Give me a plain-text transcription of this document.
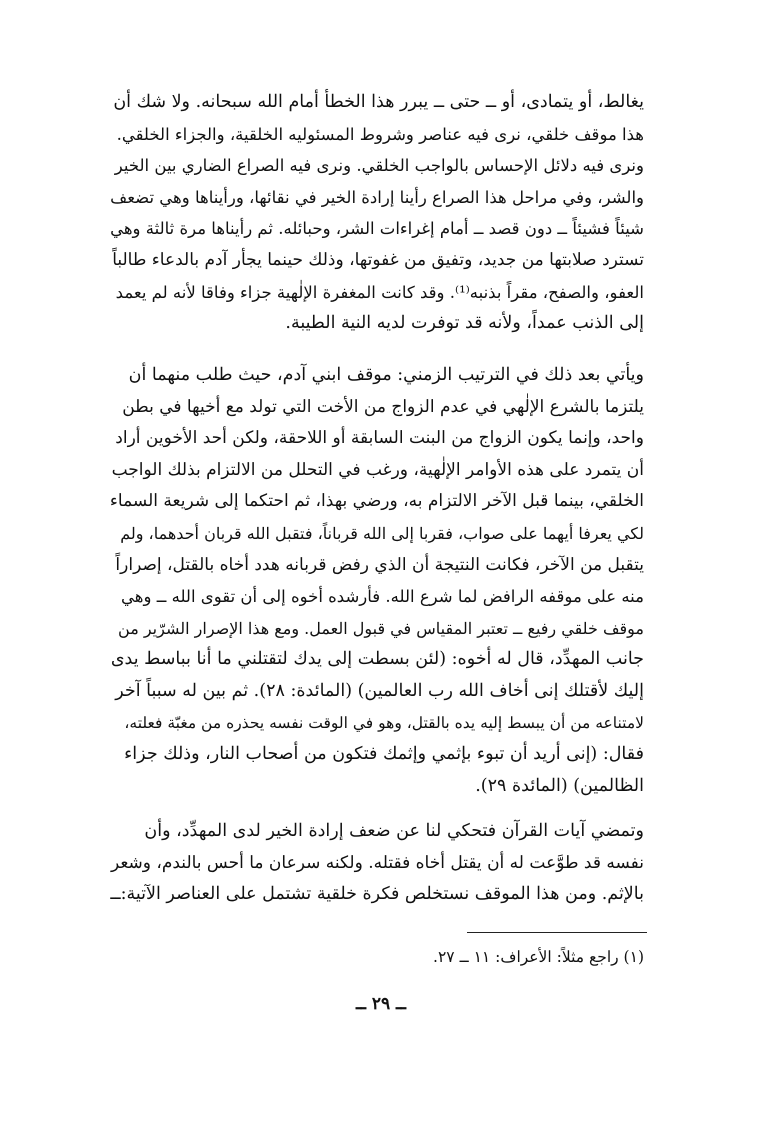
يغالط، أو يتمادى، أو ــ حتى ــ يبرر هذا الخطأ أمام الله سبحانه. ولا شك أن
هذا موقف خلقي، نرى فيه عناصر وشروط المسئوليه الخلقية، والجزاء الخلقي.
ونرى فيه دلائل الإحساس بالواجب الخلقي. ونرى فيه الصراع الضاري بين الخير
والشر، وفي مراحل هذا الصراع رأينا إرادة الخير في نقائها، ورأيناها وهي تضعف
شيئاً فشيئاً ــ دون قصد ــ أمام إغراءات الشر، وحبائله. ثم رأيناها مرة ثالثة وهي
تسترد صلابتها من جديد، وتفيق من غفوتها، وذلك حينما يجأر آدم بالدعاء طالباً
العفو، والصفح، مقراً بذنبه⁽¹⁾. وقد كانت المغفرة الإلٰهية جزاء وفاقا لأنه لم يعمد
إلى الذنب عمداً، ولأنه قد توفرت لديه النية الطيبة.
ويأتي بعد ذلك في الترتيب الزمني: موقف ابني آدم، حيث طلب منهما أن
يلتزما بالشرع الإلٰهي في عدم الزواج من الأخت التي تولد مع أخيها في بطن
واحد، وإنما يكون الزواج من البنت السابقة أو اللاحقة، ولكن أحد الأخوين أراد
أن يتمرد على هذه الأوامر الإلٰهية، ورغب في التحلل من الالتزام بذلك الواجب
الخلقي، بينما قبل الآخر الالتزام به، ورضي بهذا، ثم احتكما إلى شريعة السماء
لكي يعرفا أيهما على صواب، فقربا إلى الله قرباناً، فتقبل الله قربان أحدهما، ولم
يتقبل من الآخر، فكانت النتيجة أن الذي رفض قربانه هدد أخاه بالقتل، إصراراً
منه على موقفه الرافض لما شرع الله. فأرشده أخوه إلى أن تقوى الله ــ وهي
موقف خلقي رفيع ــ تعتبر المقياس في قبول العمل. ومع هذا الإصرار الشرّير من
جانب المهدِّد، قال له أخوه: (لئن بسطت إلى يدك لتقتلني ما أنا بباسط يدى
إليك لأقتلك إنى أخاف الله رب العالمين) (المائدة: ٢٨). ثم بين له سبباً آخر
لامتناعه من أن يبسط إليه يده بالقتل، وهو في الوقت نفسه يحذره من مغبّة فعلته،
فقال: (إنى أريد أن تبوء بإثمي وإثمك فتكون من أصحاب النار، وذلك جزاء
الظالمين) (المائدة ٢٩).
وتمضي آيات القرآن فتحكي لنا عن ضعف إرادة الخير لدى المهدِّد، وأن
نفسه قد طوَّعت له أن يقتل أخاه فقتله. ولكنه سرعان ما أحس بالندم، وشعر
بالإثم. ومن هذا الموقف نستخلص فكرة خلقية تشتمل على العناصر الآتية:ــ
(١) راجع مثلاً: الأعراف: ١١ ــ ٢٧.
ــ ٢٩ ــ
